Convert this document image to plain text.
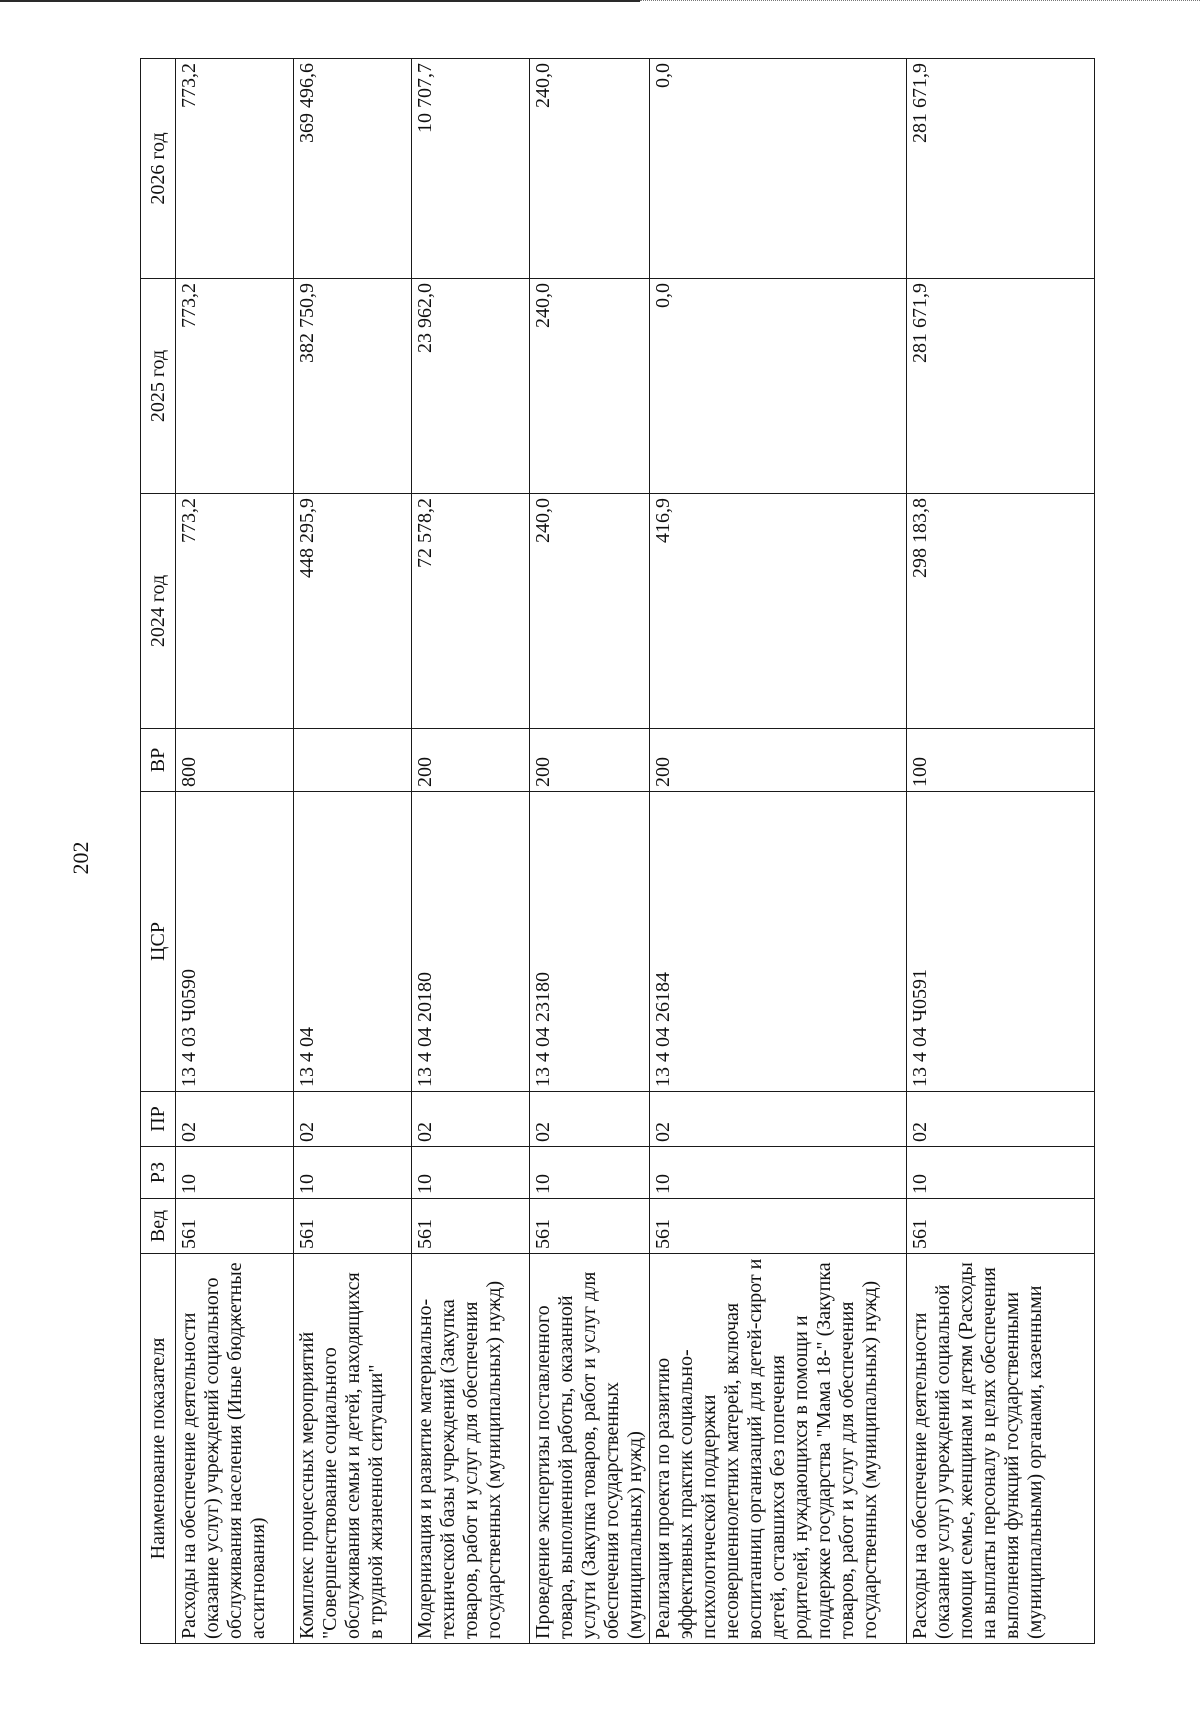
202
Наименование показателя	Вед	РЗ	ПР	ЦСР	ВР	2024 год	2025 год	2026 год
Расходы на обеспечение деятельности (оказание услуг) учреждений социального обслуживания населения (Иные бюджетные ассигнования)	561	10	02	13 4 03 Ч0590	800	773,2	773,2	773,2
Комплекс процессных мероприятий "Совершенствование социального обслуживания семьи и детей, находящихся в трудной жизненной ситуации"	561	10	02	13 4 04		448 295,9	382 750,9	369 496,6
Модернизация и развитие материально-технической базы учреждений (Закупка товаров, работ и услуг для обеспечения государственных (муниципальных) нужд)	561	10	02	13 4 04 20180	200	72 578,2	23 962,0	10 707,7
Проведение экспертизы поставленного товара, выполненной работы, оказанной услуги (Закупка товаров, работ и услуг для обеспечения государственных (муниципальных) нужд)	561	10	02	13 4 04 23180	200	240,0	240,0	240,0
Реализация проекта по развитию эффективных практик социально-психологической поддержки несовершеннолетних матерей, включая воспитанниц организаций для детей-сирот и детей, оставшихся без попечения родителей, нуждающихся в помощи и поддержке государства "Мама 18-" (Закупка товаров, работ и услуг для обеспечения государственных (муниципальных) нужд)	561	10	02	13 4 04 26184	200	416,9	0,0	0,0
Расходы на обеспечение деятельности (оказание услуг) учреждений социальной помощи семье, женщинам и детям (Расходы на выплаты персоналу в целях обеспечения выполнения функций государственными (муниципальными) органами, казенными	561	10	02	13 4 04 Ч0591	100	298 183,8	281 671,9	281 671,9
